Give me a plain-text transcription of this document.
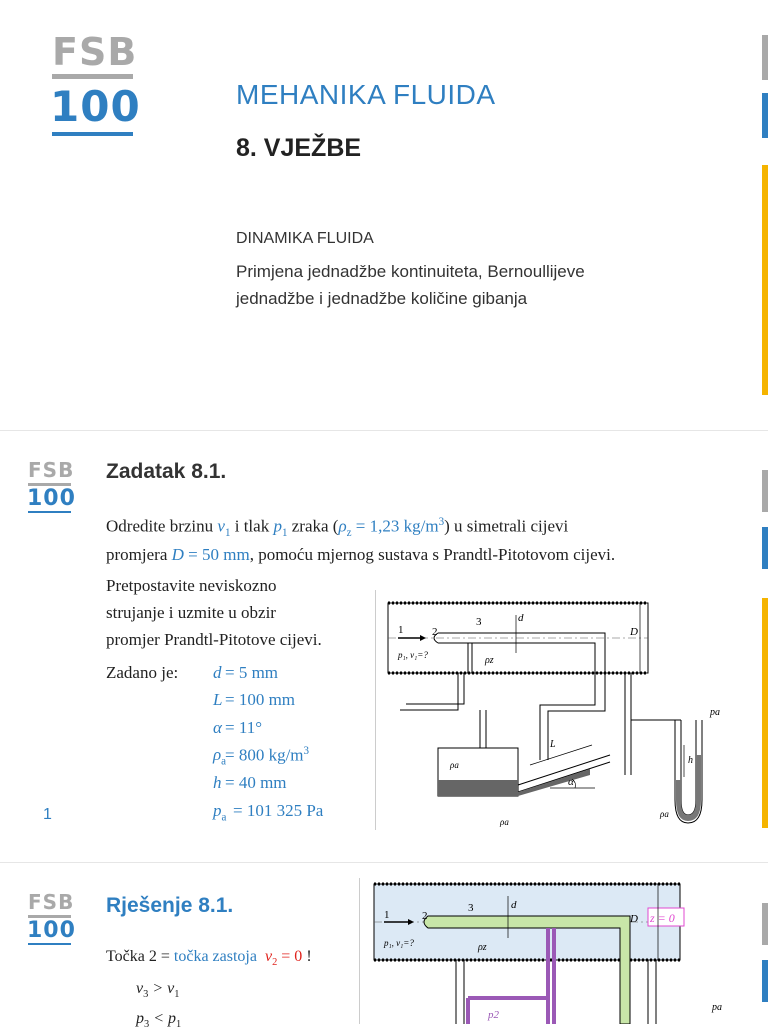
FSB
100	MEHANIKA FLUIDA
8. VJEŽBE
DINAMIKA FLUIDA
Primjena jednadžbe kontinuiteta, Bernoullijeve
jednadžbe i jednadžbe količine gibanja
FSB
100
Zadatak 8.1.
Odredite brzinu $v_1$ i tlak $p_1$ zraka ($\rho_z = 1,23$ $kg/m^3$) u simetrali cijevi
promjera D = 50 mm, pomoću mjernog sustava s Prandtl-Pitotovom cijevi.
Pretpostavite neviskozno
strujanje i uzmite u obzir
promjer Prandtl-Pitotove cijevi.
Zadano je: d = 5 mm
L = 100 mm
α = 11°
$\rho_a$
= 800 $kg/m^3$
h = 40 mm
$p_a = 101$ 325 Pa
1
1	2
3	d
D
p₁, v₁=?	ρz
L
α
ρa
ρa
ρa
h
pa
FSB
100
Rješenje 8.1.
Točka 2 = točka zastoja $v_2 = 0$ !
$v_3 > v_1$
$p_3 < p_1$
1	2
3	d
D z = 0
p₁, v₁=?	ρz
p2
pa
